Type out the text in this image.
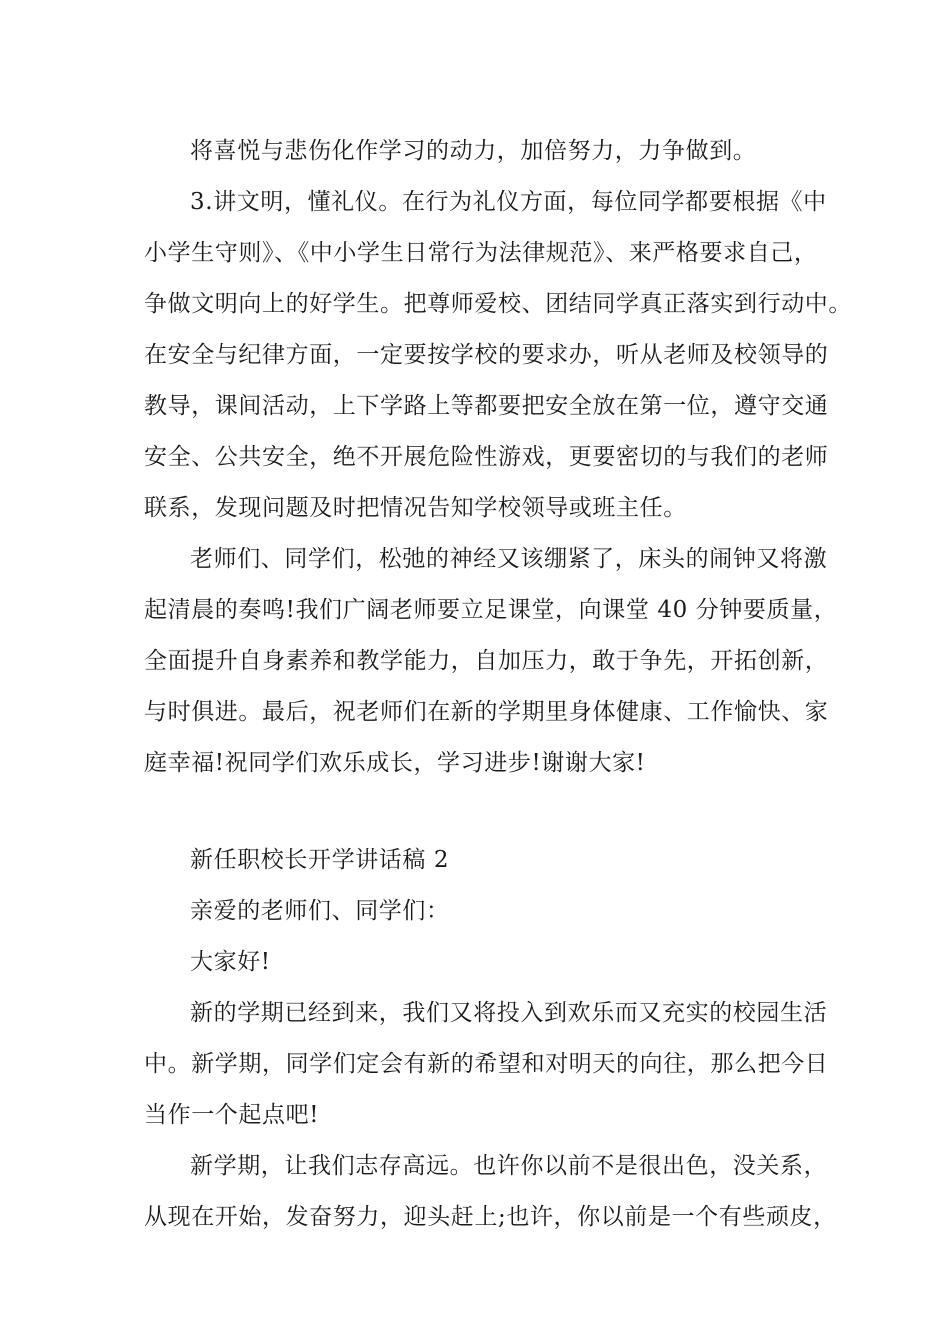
将喜悦与悲伤化作学习的动力，加倍努力，力争做到。
3.讲文明，懂礼仪。在行为礼仪方面，每位同学都要根据《中
小学生守则》、《中小学生日常行为法律规范》、来严格要求自己，
争做文明向上的好学生。把尊师爱校、团结同学真正落实到行动中。
在安全与纪律方面，一定要按学校的要求办，听从老师及校领导的
教导，课间活动，上下学路上等都要把安全放在第一位，遵守交通
安全、公共安全，绝不开展危险性游戏，更要密切的与我们的老师
联系，发现问题及时把情况告知学校领导或班主任。
老师们、同学们，松弛的神经又该绷紧了，床头的闹钟又将激
起清晨的奏鸣!我们广阔老师要立足课堂，向课堂 40 分钟要质量，
全面提升自身素养和教学能力，自加压力，敢于争先，开拓创新，
与时俱进。最后，祝老师们在新的学期里身体健康、工作愉快、家
庭幸福!祝同学们欢乐成长，学习进步!谢谢大家!
新任职校长开学讲话稿 2
亲爱的老师们、同学们：
大家好!
新的学期已经到来，我们又将投入到欢乐而又充实的校园生活
中。新学期，同学们定会有新的希望和对明天的向往，那么把今日
当作一个起点吧!
新学期，让我们志存高远。也许你以前不是很出色，没关系，
从现在开始，发奋努力，迎头赶上;也许，你以前是一个有些顽皮，
